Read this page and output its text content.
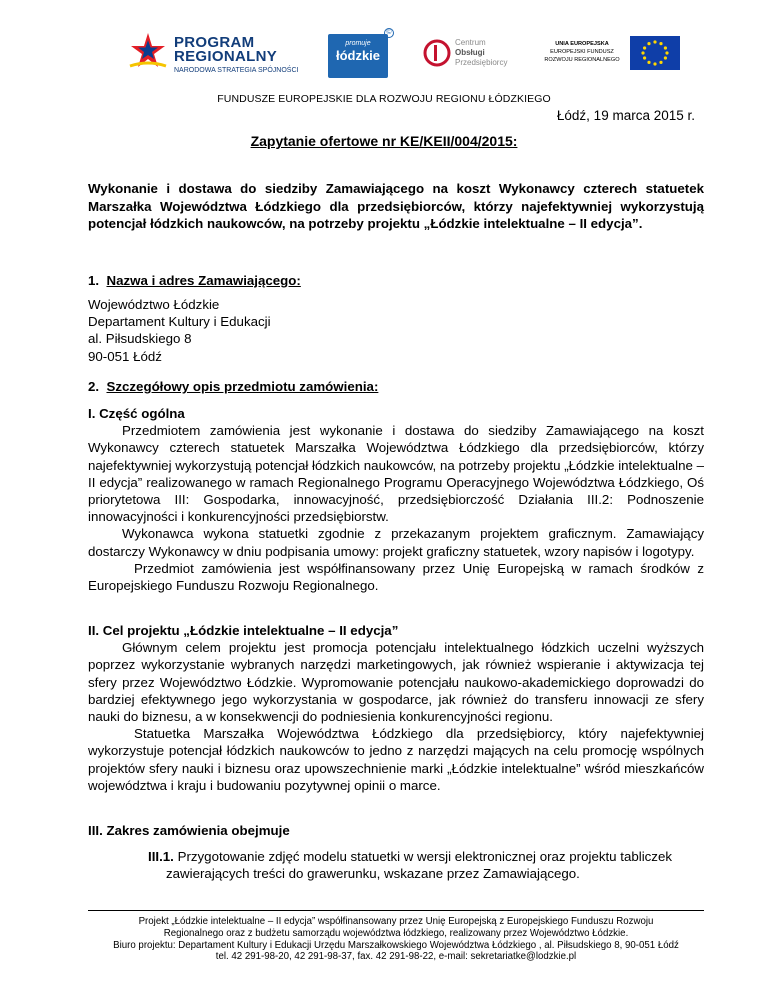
PROGRAM
REGIONALNY
NARODOWA STRATEGIA SPÓJNOŚCI
promuje
łódzkie
©
Centrum
Obsługi
Przedsiębiorcy
UNIA EUROPEJSKA
EUROPEJSKI FUNDUSZ
ROZWOJU REGIONALNEGO
FUNDUSZE EUROPEJSKIE DLA ROZWOJU REGIONU ŁÓDZKIEGO
Łódź, 19 marca 2015 r.
Zapytanie ofertowe nr KE/KEII/004/2015:
Wykonanie i dostawa do siedziby Zamawiającego na koszt Wykonawcy czterech statuetek Marszałka Województwa Łódzkiego dla przedsiębiorców, którzy najefektywniej wykorzystują potencjał łódzkich naukowców, na potrzeby projektu „Łódzkie intelektualne – II edycja”.
1. Nazwa i adres Zamawiającego:
Województwo Łódzkie
Departament Kultury i Edukacji
al. Piłsudskiego 8
90-051 Łódź
2. Szczegółowy opis przedmiotu zamówienia:
I. Część ogólna
Przedmiotem zamówienia jest wykonanie i dostawa do siedziby Zamawiającego na koszt Wykonawcy czterech statuetek Marszałka Województwa Łódzkiego dla przedsiębiorców, którzy najefektywniej wykorzystują potencjał łódzkich naukowców, na potrzeby projektu „Łódzkie intelektualne – II edycja” realizowanego w ramach Regionalnego Programu Operacyjnego Województwa Łódzkiego, Oś priorytetowa III: Gospodarka, innowacyjność, przedsiębiorczość Działania III.2: Podnoszenie innowacyjności i konkurencyjności przedsiębiorstw.
Wykonawca wykona statuetki zgodnie z przekazanym projektem graficznym. Zamawiający dostarczy Wykonawcy w dniu podpisania umowy: projekt graficzny statuetek, wzory napisów i logotypy.
Przedmiot zamówienia jest współfinansowany przez Unię Europejską w ramach środków z Europejskiego Funduszu Rozwoju Regionalnego.
II. Cel projektu „Łódzkie intelektualne – II edycja”
Głównym celem projektu jest promocja potencjału intelektualnego łódzkich uczelni wyższych poprzez wykorzystanie wybranych narzędzi marketingowych, jak również wspieranie i aktywizacja tej sfery przez Województwo Łódzkie. Wypromowanie potencjału naukowo-akademickiego doprowadzi do bardziej efektywnego jego wykorzystania w gospodarce, jak również do transferu innowacji ze sfery nauki do biznesu, a w konsekwencji do podniesienia konkurencyjności regionu.
Statuetka Marszałka Województwa Łódzkiego dla przedsiębiorcy, który najefektywniej wykorzystuje potencjał łódzkich naukowców to jedno z narzędzi mających na celu promocję wspólnych projektów sfery nauki i biznesu oraz upowszechnienie marki „Łódzkie intelektualne” wśród mieszkańców województwa i kraju i budowaniu pozytywnej opinii o marce.
III. Zakres zamówienia obejmuje
III.1. Przygotowanie zdjęć modelu statuetki w wersji elektronicznej oraz projektu tabliczek zawierających treści do grawerunku, wskazane przez Zamawiającego.
Projekt „Łódzkie intelektualne – II edycja” współfinansowany przez Unię Europejską z Europejskiego Funduszu Rozwoju
Regionalnego oraz z budżetu samorządu województwa łódzkiego, realizowany przez Województwo Łódzkie.
Biuro projektu: Departament Kultury i Edukacji Urzędu Marszałkowskiego Województwa Łódzkiego , al. Piłsudskiego 8, 90-051 Łódź
tel. 42 291-98-20, 42 291-98-37, fax. 42 291-98-22, e-mail: sekretariatke@lodzkie.pl
